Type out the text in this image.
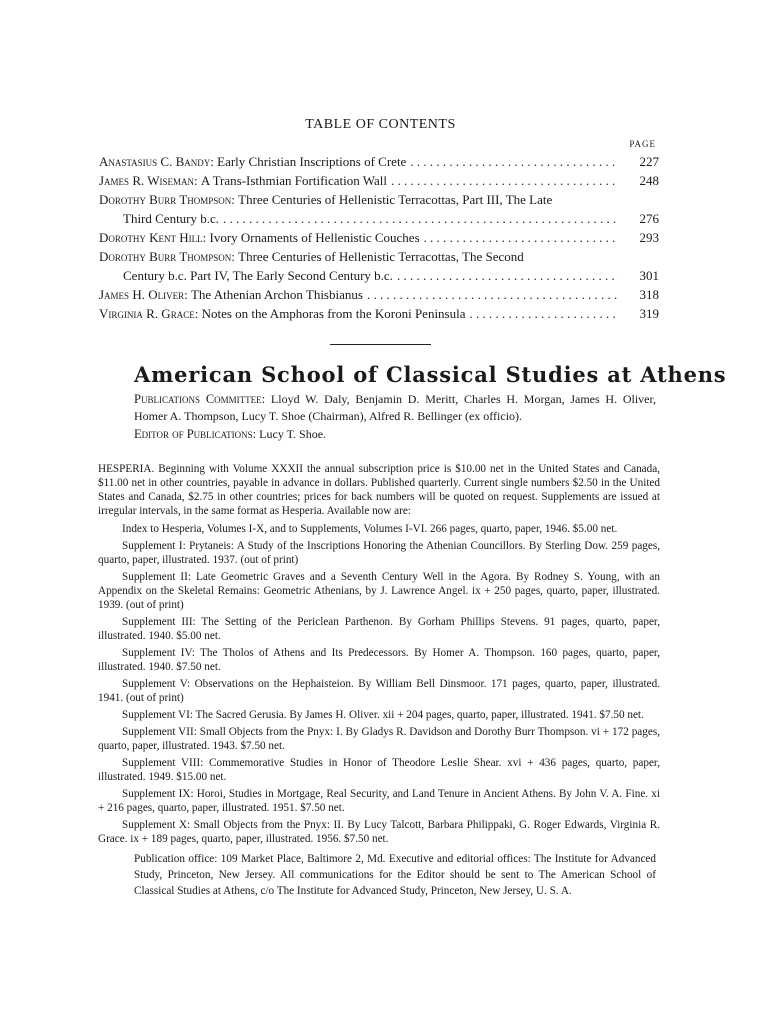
TABLE OF CONTENTS
PAGE
Anastasius C. Bandy:
Early Christian Inscriptions of Crete . . .	227
James R. Wiseman:
A Trans-Isthmian Fortification Wall . . .	248
Dorothy Burr Thompson:
Three Centuries of Hellenistic Terracottas, Part III, The Late
Third Century b.c. . . .	276
Dorothy Kent Hill:
Ivory Ornaments of Hellenistic Couches . . .	293
Dorothy Burr Thompson:
Three Centuries of Hellenistic Terracottas, The Second
Century b.c. Part IV, The Early Second Century b.c. . . .	301
James H. Oliver:
The Athenian Archon Thisbianus . . .	318
Virginia R. Grace:
Notes on the Amphoras from the Koroni Peninsula . . .	319
American School of Classical Studies at Athens
Publications Committee: Lloyd W. Daly, Benjamin D. Meritt, Charles H. Morgan, James H. Oliver, Homer A. Thompson, Lucy T. Shoe (Chairman), Alfred R. Bellinger (ex officio).
Editor of Publications: Lucy T. Shoe.

HESPERIA. Beginning with Volume XXXII the annual subscription price is $10.00 net in the United States and Canada, $11.00 net in other countries, payable in advance in dollars. Published quarterly. Current single numbers $2.50 in the United States and Canada, $2.75 in other countries; prices for back numbers will be quoted on request. Supplements are issued at irregular intervals, in the same format as Hesperia. Available now are:

Index to Hesperia, Volumes I-X, and to Supplements, Volumes I-VI. 266 pages, quarto, paper, 1946. $5.00 net.

Supplement I: Prytaneis: A Study of the Inscriptions Honoring the Athenian Councillors. By Sterling Dow. 259 pages, quarto, paper, illustrated. 1937. (out of print)

Supplement II: Late Geometric Graves and a Seventh Century Well in the Agora. By Rodney S. Young, with an Appendix on the Skeletal Remains: Geometric Athenians, by J. Lawrence Angel. ix + 250 pages, quarto, paper, illustrated. 1939. (out of print)

Supplement III: The Setting of the Periclean Parthenon. By Gorham Phillips Stevens. 91 pages, quarto, paper, illustrated. 1940. $5.00 net.

Supplement IV: The Tholos of Athens and Its Predecessors. By Homer A. Thompson. 160 pages, quarto, paper, illustrated. 1940. $7.50 net.

Supplement V: Observations on the Hephaisteion. By William Bell Dinsmoor. 171 pages, quarto, paper, illustrated. 1941. (out of print)

Supplement VI: The Sacred Gerusia. By James H. Oliver. xii + 204 pages, quarto, paper, illustrated. 1941. $7.50 net.

Supplement VII: Small Objects from the Pnyx: I. By Gladys R. Davidson and Dorothy Burr Thompson. vi + 172 pages, quarto, paper, illustrated. 1943. $7.50 net.

Supplement VIII: Commemorative Studies in Honor of Theodore Leslie Shear. xvi + 436 pages, quarto, paper, illustrated. 1949. $15.00 net.

Supplement IX: Horoi, Studies in Mortgage, Real Security, and Land Tenure in Ancient Athens. By John V. A. Fine. xi + 216 pages, quarto, paper, illustrated. 1951. $7.50 net.

Supplement X: Small Objects from the Pnyx: II. By Lucy Talcott, Barbara Philippaki, G. Roger Edwards, Virginia R. Grace. ix + 189 pages, quarto, paper, illustrated. 1956. $7.50 net.

Publication office: 109 Market Place, Baltimore 2, Md. Executive and editorial offices: The Institute for Advanced Study, Princeton, New Jersey. All communications for the Editor should be sent to The American School of Classical Studies at Athens, c/o The Institute for Advanced Study, Princeton, New Jersey, U. S. A.
